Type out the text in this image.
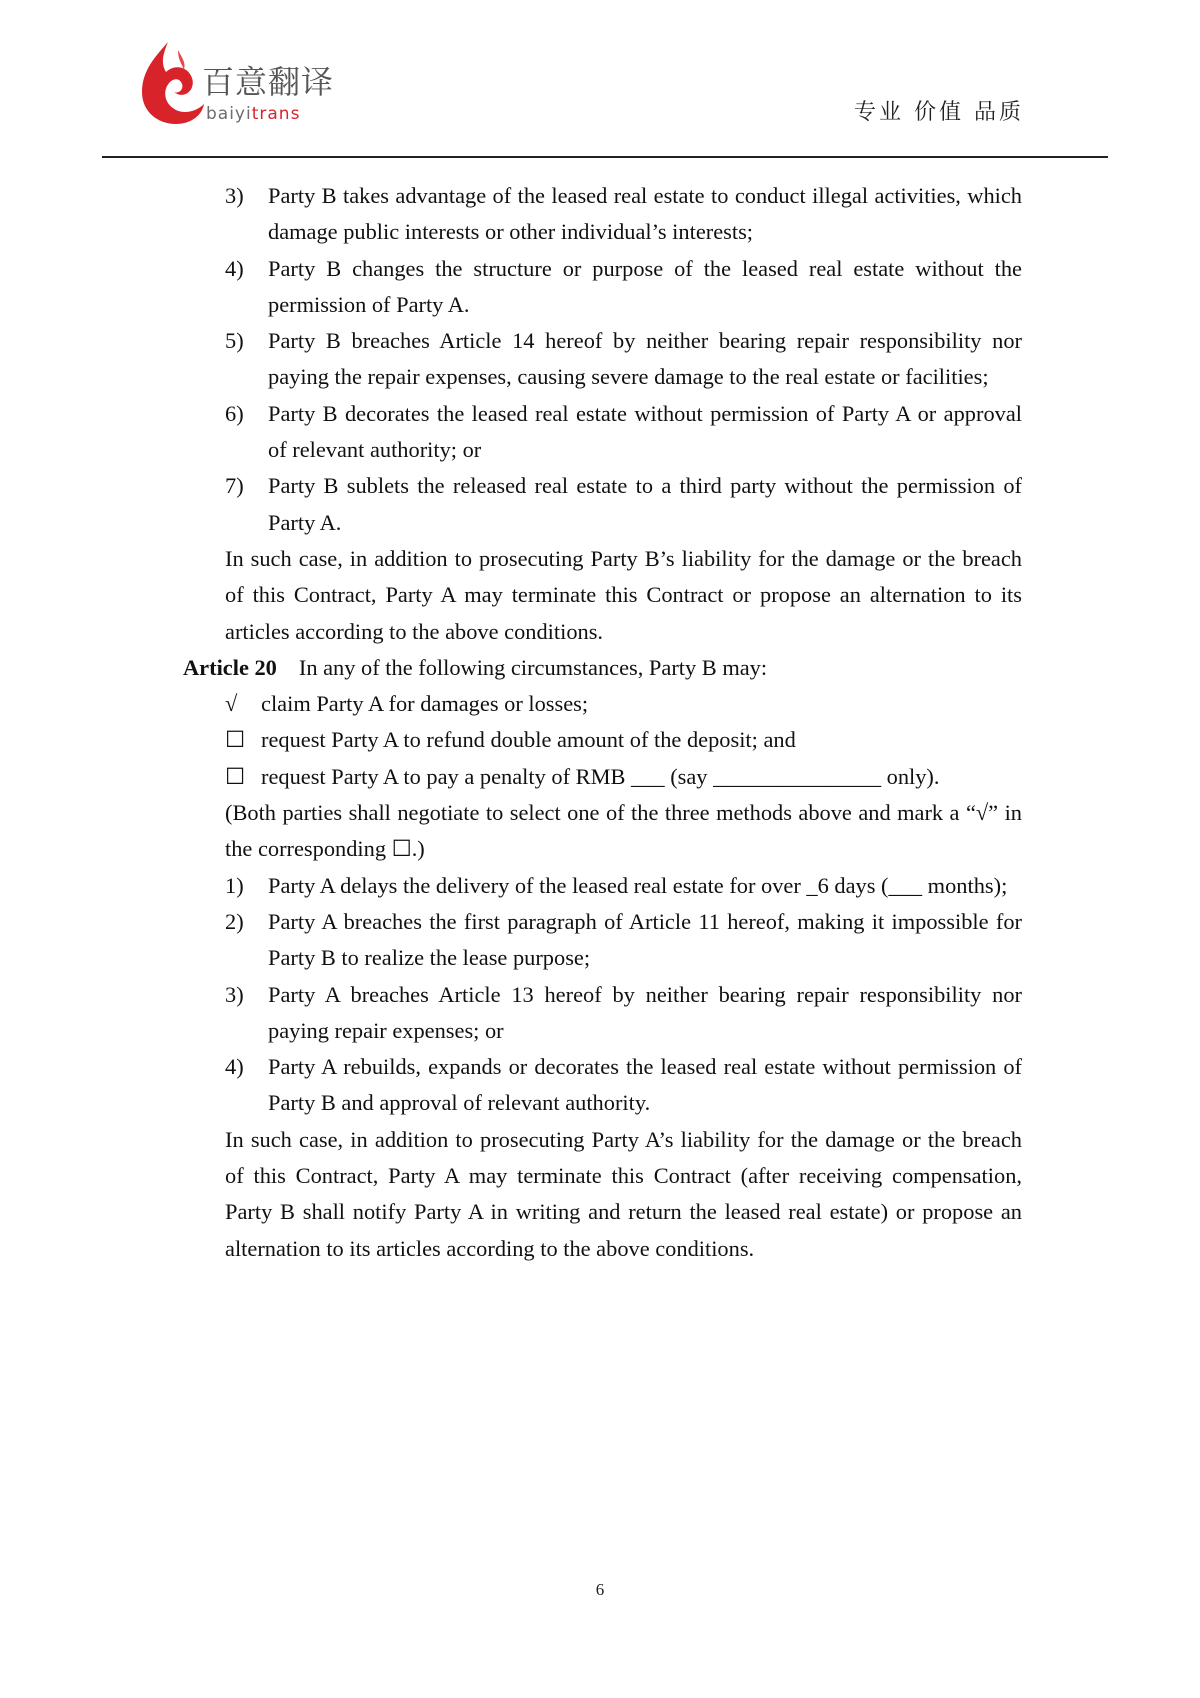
百意翻译
baiyitrans	专业 价值 品质
3) Party B takes advantage of the leased real estate to conduct illegal activities, which damage public interests or other individual’s interests;
4) Party B changes the structure or purpose of the leased real estate without the permission of Party A.
5) Party B breaches Article 14 hereof by neither bearing repair responsibility nor paying the repair expenses, causing severe damage to the real estate or facilities;
6) Party B decorates the leased real estate without permission of Party A or approval of relevant authority; or
7) Party B sublets the released real estate to a third party without the permission of Party A.
In such case, in addition to prosecuting Party B’s liability for the damage or the breach of this Contract, Party A may terminate this Contract or propose an alternation to its articles according to the above conditions.
Article 20 In any of the following circumstances, Party B may:
√ claim Party A for damages or losses;
☐ request Party A to refund double amount of the deposit; and
☐ request Party A to pay a penalty of RMB ___ (say _______________ only).
(Both parties shall negotiate to select one of the three methods above and mark a “√” in the corresponding ☐.)
1) Party A delays the delivery of the leased real estate for over _6 days (___ months);
2) Party A breaches the first paragraph of Article 11 hereof, making it impossible for Party B to realize the lease purpose;
3) Party A breaches Article 13 hereof by neither bearing repair responsibility nor paying repair expenses; or
4) Party A rebuilds, expands or decorates the leased real estate without permission of Party B and approval of relevant authority.
In such case, in addition to prosecuting Party A’s liability for the damage or the breach of this Contract, Party A may terminate this Contract (after receiving compensation, Party B shall notify Party A in writing and return the leased real estate) or propose an alternation to its articles according to the above conditions.
6
